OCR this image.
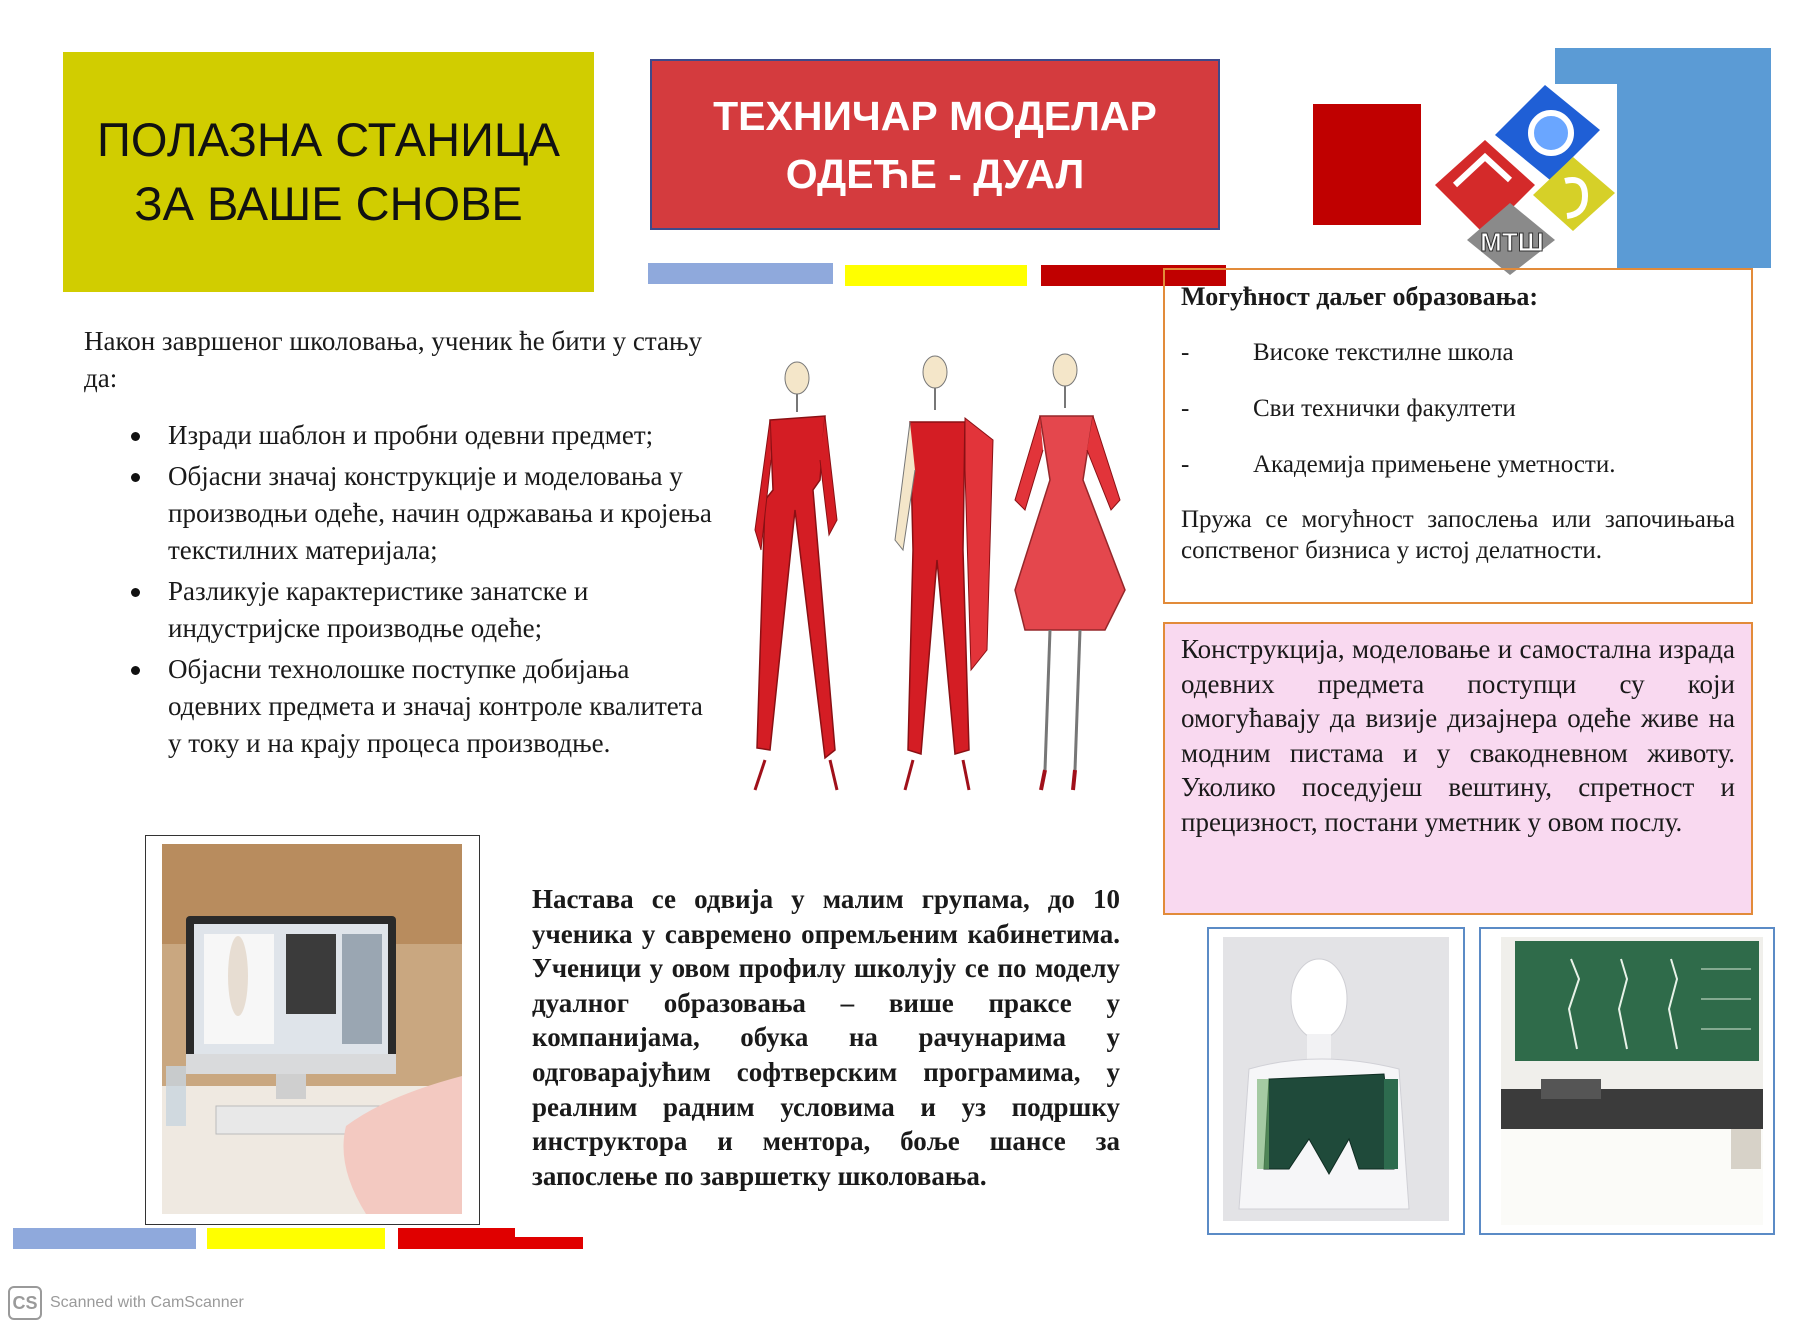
ПОЛАЗНА СТАНИЦА
ЗА ВАШЕ СНОВЕ
ТЕХНИЧАР МОДЕЛАР
ОДЕЋЕ - ДУАЛ
МТШ
Након завршеног школовања, ученик ће бити у стању да:
Изради шаблон и пробни одевни предмет;
Објасни значај конструкције и моделовања у производњи одеће, начин одржавања и кројења текстилних материјала;
Разликује карактеристике занатске и индустријске производње одеће;
Објасни технолошке поступке добијања одевних предмета и значај контроле квалитета у току и на крају процеса производње.
Могућност даљег образовања:
-	Високе текстилне школа
-	Сви технички факултети
-	Академија примењене уметности.
Пружа се могућност запослења или започињања сопственог бизниса у истој делатности.
Конструкција, моделовање и самостална израда одевних предмета поступци су који омогућавају да визије дизајнера одеће живе на модним пистама и у свакодневном животу. Уколико поседујеш вештину, спретност и прецизност, постани уметник у овом послу.
Настава се одвија у малим групама, до 10 ученика у савремено опремљеним кабинетима. Ученици у овом профилу школују се по моделу дуалног образовања – више праксе у компанијама, обука на рачунарима у одговарајућим софтверским програмима, у реалним радним условима и уз подршку инструктора и ментора, боље шансе за запослење по завршетку школовања.
CS Scanned with CamScanner
